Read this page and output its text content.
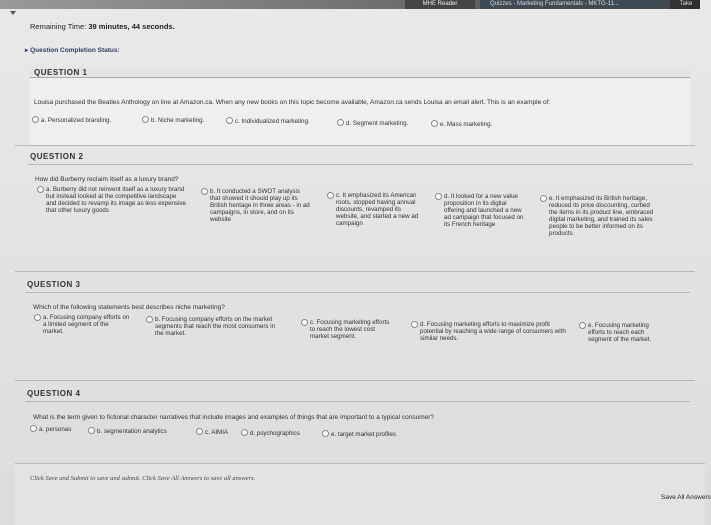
MHE Reader	Quizzes - Marketing Fundamentals - MKTG-11...	Take
Remaining Time: 39 minutes, 44 seconds.
▸ Question Completion Status:
QUESTION 1
Louisa purchased the Beatles Anthology on line at Amazon.ca. When any new books on this topic become available, Amazon.ca sends Louisa an email alert. This is an example of:
a. Personalized branding.	b. Niche marketing.	c. Individualized marketing.	d. Segment marketing.	e. Mass marketing.
QUESTION 2
How did Burberry reclaim itself as a luxury brand?
a. Burberry did not reinvent itself as a luxury brand but instead looked at the competitive landscape and decided to revamp its image as less expensive that other luxury goods
b. It conducted a SWOT analysis that showed it should play up its British heritage in three areas - in ad campaigns, in store, and on its website
c. It emphasized its American roots, stopped having annual discounts, revamped its website, and started a new ad campaign
d. It looked for a new value proposition in its digital offering and launched a new ad campaign that focused on its French heritage
e. It emphasized its British heritage, reduced its price discounting, curbed the items in its product line, embraced digital marketing, and trained its sales people to be better informed on its products
QUESTION 3
Which of the following statements best describes niche marketing?
a. Focusing company efforts on a limited segment of the market.
b. Focusing company efforts on the market segments that reach the most consumers in the market.
c. Focusing marketing efforts to reach the lowest cost market segment.
d. Focusing marketing efforts to maximize profit potential by reaching a wide range of consumers with similar needs.
e. Focusing marketing efforts to reach each segment of the market.
QUESTION 4
What is the term given to fictional character narratives that include images and examples of things that are important to a typical consumer?
a. personas	b. segmentation analytics	c. AIMIA	d. psychographics	e. target market profiles
Click Save and Submit to save and submit. Click Save All Answers to save all answers.
Save All Answers
